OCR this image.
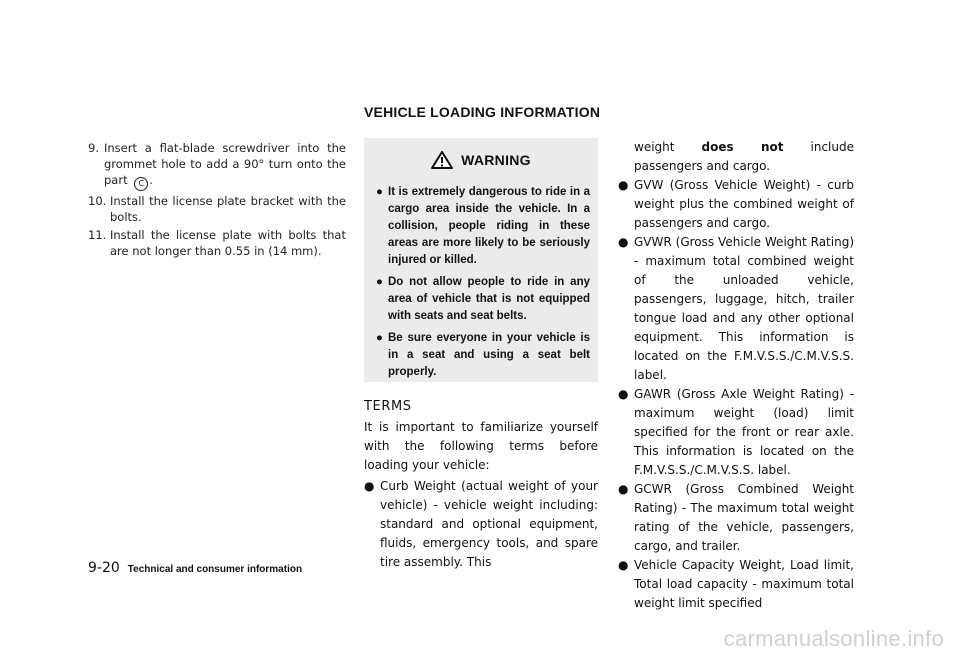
VEHICLE LOADING INFORMATION
9. Insert a flat-blade screwdriver into the grommet hole to add a 90° turn onto the part C .
10. Install the license plate bracket with the bolts.
11. Install the license plate with bolts that are not longer than 0.55 in (14 mm).
WARNING
● It is extremely dangerous to ride in a cargo area inside the vehicle. In a collision, people riding in these areas are more likely to be seriously injured or killed.
● Do not allow people to ride in any area of vehicle that is not equipped with seats and seat belts.
● Be sure everyone in your vehicle is in a seat and using a seat belt properly.
TERMS

It is important to familiarize yourself with the following terms before loading your vehicle:

● Curb Weight (actual weight of your vehicle) - vehicle weight including: standard and optional equipment, fluids, emergency tools, and spare tire assembly. This

weight does not include passengers and cargo.

● GVW (Gross Vehicle Weight) - curb weight plus the combined weight of passengers and cargo.
● GVWR (Gross Vehicle Weight Rating) - maximum total combined weight of the unloaded vehicle, passengers, luggage, hitch, trailer tongue load and any other optional equipment. This information is located on the F.M.V.S.S./C.M.V.S.S. label.
● GAWR (Gross Axle Weight Rating) - maximum weight (load) limit specified for the front or rear axle. This information is located on the F.M.V.S.S./C.M.V.S.S. label.
● GCWR (Gross Combined Weight Rating) - The maximum total weight rating of the vehicle, passengers, cargo, and trailer.
● Vehicle Capacity Weight, Load limit, Total load capacity - maximum total weight limit specified
9-20 Technical and consumer information
carmanualsonline.info
